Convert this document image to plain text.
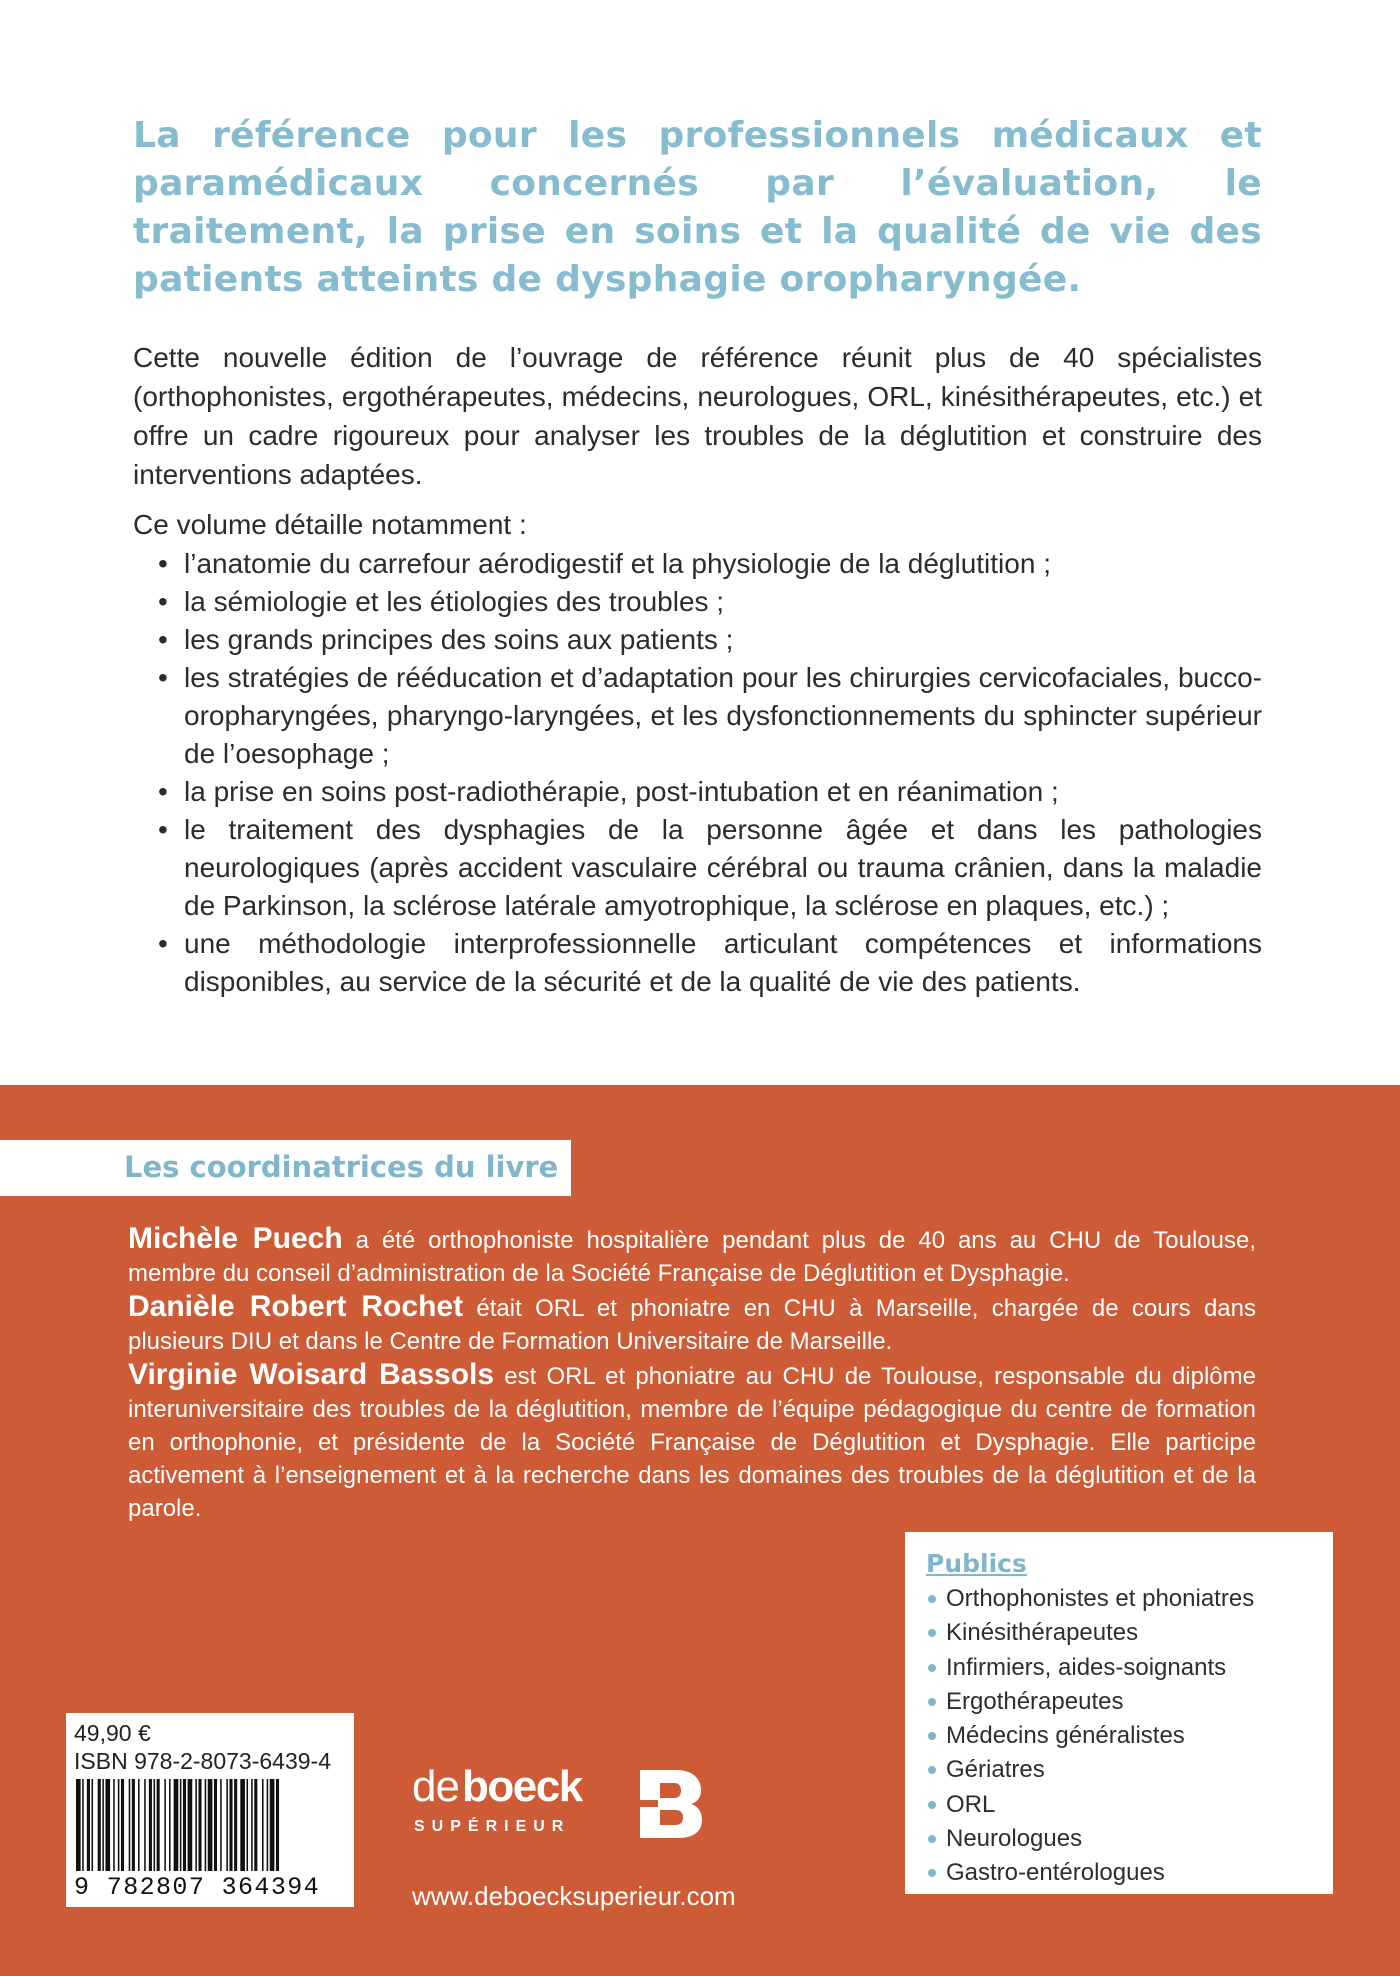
La référence pour les professionnels médicaux et paramédicaux concernés par l’évaluation, le traitement, la prise en soins et la qualité de vie des patients atteints de dysphagie oropharyngée.
Cette nouvelle édition de l’ouvrage de référence réunit plus de 40 spécialistes (orthophonistes, ergothérapeutes, médecins, neurologues, ORL, kinésithérapeutes, etc.) et offre un cadre rigoureux pour analyser les troubles de la déglutition et construire des interventions adaptées.
Ce volume détaille notamment :
• l’anatomie du carrefour aérodigestif et la physiologie de la déglutition ;
• la sémiologie et les étiologies des troubles ;
• les grands principes des soins aux patients ;
• les stratégies de rééducation et d’adaptation pour les chirurgies cervicofaciales, bucco-oropharyngées, pharyngo-laryngées, et les dysfonctionnements du sphincter supérieur de l’oesophage ;
• la prise en soins post-radiothérapie, post-intubation et en réanimation ;
• le traitement des dysphagies de la personne âgée et dans les pathologies neurologiques (après accident vasculaire cérébral ou trauma crânien, dans la maladie de Parkinson, la sclérose latérale amyotrophique, la sclérose en plaques, etc.) ;
• une méthodologie interprofessionnelle articulant compétences et informations disponibles, au service de la sécurité et de la qualité de vie des patients.
Les coordinatrices du livre

Michèle Puech a été orthophoniste hospitalière pendant plus de 40 ans au CHU de Toulouse, membre du conseil d’administration de la Société Française de Déglutition et Dysphagie.

Danièle Robert Rochet était ORL et phoniatre en CHU à Marseille, chargée de cours dans plusieurs DIU et dans le Centre de Formation Universitaire de Marseille.

Virginie Woisard Bassols est ORL et phoniatre au CHU de Toulouse, responsable du diplôme interuniversitaire des troubles de la déglutition, membre de l’équipe pédagogique du centre de formation en orthophonie, et présidente de la Société Française de Déglutition et Dysphagie. Elle participe activement à l’enseignement et à la recherche dans les domaines des troubles de la déglutition et de la parole.

Publics
Orthophonistes et phoniatres
Kinésithérapeutes
Infirmiers, aides-soignants
Ergothérapeutes
Médecins généralistes
Gériatres
ORL
Neurologues
Gastro-entérologues
49,90 €
ISBN 978-2-8073-6439-4
9 782807 364394
de boeck
SUPÉRIEUR
www.deboecksuperieur.com
